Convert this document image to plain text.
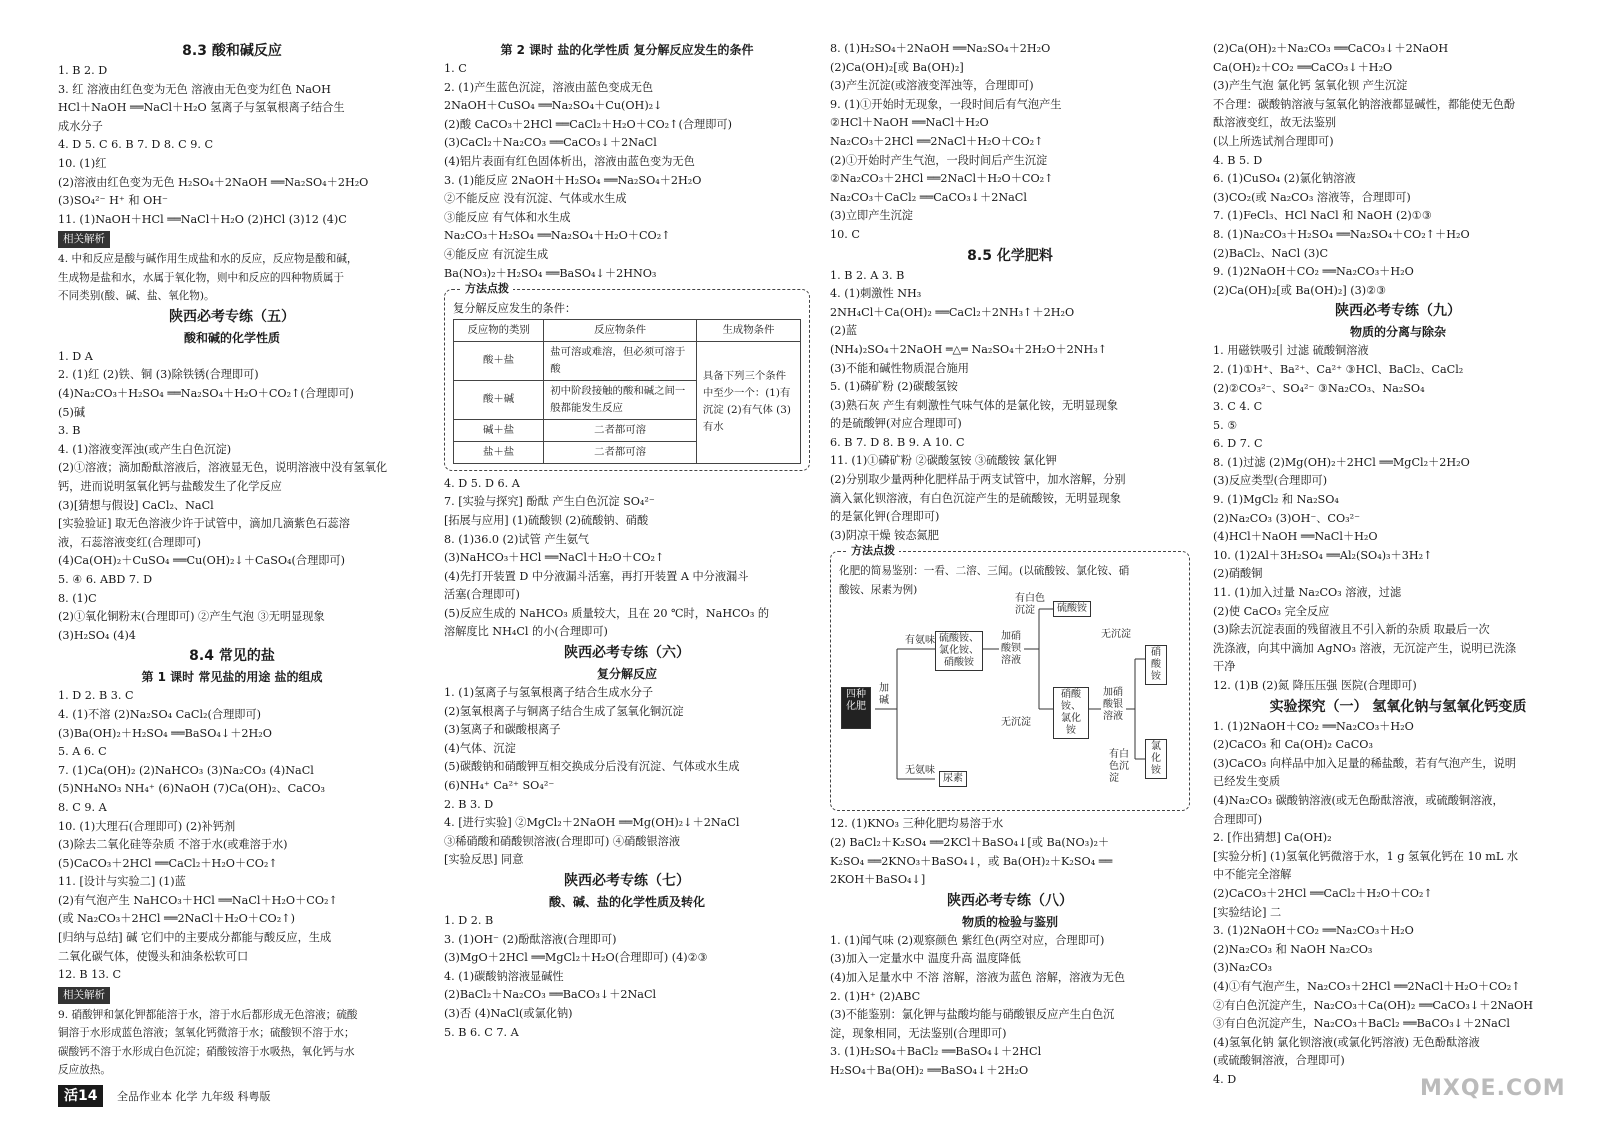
8.3 酸和碱反应
1. B 2. D
3. 红 溶液由红色变为无色 溶液由无色变为红色 NaOH
HCl＋NaOH ══NaCl＋H₂O 氢离子与氢氧根离子结合生
成水分子
4. D 5. C 6. B 7. D 8. C 9. C
10. (1)红
(2)溶液由红色变为无色 H₂SO₄＋2NaOH ══Na₂SO₄＋2H₂O
(3)SO₄²⁻ H⁺ 和 OH⁻
11. (1)NaOH＋HCl ══NaCl＋H₂O (2)HCl (3)12 (4)C
相关解析
4. 中和反应是酸与碱作用生成盐和水的反应，反应物是酸和碱，
生成物是盐和水，水属于氧化物，则中和反应的四种物质属于
不同类别(酸、碱、盐、氧化物)。
陕西必考专练（五）
酸和碱的化学性质
1. D A
2. (1)红 (2)铁、铜 (3)除铁锈(合理即可)
(4)Na₂CO₃＋H₂SO₄ ══Na₂SO₄＋H₂O＋CO₂↑(合理即可)
(5)碱
3. B
4. (1)溶液变浑浊(或产生白色沉淀)
(2)①溶液；滴加酚酞溶液后，溶液显无色，说明溶液中没有氢氧化
钙，进而说明氢氧化钙与盐酸发生了化学反应
(3)[猜想与假设] CaCl₂、NaCl
[实验验证] 取无色溶液少许于试管中，滴加几滴紫色石蕊溶
液，石蕊溶液变红(合理即可)
(4)Ca(OH)₂＋CuSO₄ ══Cu(OH)₂↓＋CaSO₄(合理即可)
5. ④ 6. ABD 7. D
8. (1)C
(2)①氧化铜粉末(合理即可) ②产生气泡 ③无明显现象
(3)H₂SO₄ (4)4
8.4 常见的盐
第 1 课时 常见盐的用途 盐的组成
1. D 2. B 3. C
4. (1)不溶 (2)Na₂SO₄ CaCl₂(合理即可)
(3)Ba(OH)₂＋H₂SO₄ ══BaSO₄↓＋2H₂O
5. A 6. C
7. (1)Ca(OH)₂ (2)NaHCO₃ (3)Na₂CO₃ (4)NaCl
(5)NH₄NO₃ NH₄⁺ (6)NaOH (7)Ca(OH)₂、CaCO₃
8. C 9. A
10. (1)大理石(合理即可) (2)补钙剂
(3)除去二氧化硅等杂质 不溶于水(或难溶于水)
(5)CaCO₃＋2HCl ══CaCl₂＋H₂O＋CO₂↑
11. [设计与实验二] (1)蓝
(2)有气泡产生 NaHCO₃＋HCl ══NaCl＋H₂O＋CO₂↑
(或 Na₂CO₃＋2HCl ══2NaCl＋H₂O＋CO₂↑)
[归纳与总结] 碱 它们中的主要成分都能与酸反应，生成
二氧化碳气体，使馒头和油条松软可口
12. B 13. C
相关解析
9. 硝酸钾和氯化钾都能溶于水，溶于水后都形成无色溶液；硫酸
铜溶于水形成蓝色溶液；氢氧化钙微溶于水；硫酸钡不溶于水；
碳酸钙不溶于水形成白色沉淀；硝酸铵溶于水吸热，氧化钙与水
反应放热。
第 2 课时 盐的化学性质 复分解反应发生的条件
1. C
2. (1)产生蓝色沉淀，溶液由蓝色变成无色
2NaOH＋CuSO₄ ══Na₂SO₄＋Cu(OH)₂↓
(2)酸 CaCO₃＋2HCl ══CaCl₂＋H₂O＋CO₂↑(合理即可)
(3)CaCl₂＋Na₂CO₃ ══CaCO₃↓＋2NaCl
(4)铝片表面有红色固体析出，溶液由蓝色变为无色
3. (1)能反应 2NaOH＋H₂SO₄ ══Na₂SO₄＋2H₂O
②不能反应 没有沉淀、气体或水生成
③能反应 有气体和水生成
Na₂CO₃＋H₂SO₄ ══Na₂SO₄＋H₂O＋CO₂↑
④能反应 有沉淀生成
Ba(NO₃)₂＋H₂SO₄ ══BaSO₄↓＋2HNO₃
方法点拨
复分解反应发生的条件：
反应物的类别	反应物条件	生成物条件
酸＋盐	盐可溶或难溶，但必须可溶于酸	具备下列三个条件中至少一个：(1)有沉淀 (2)有气体 (3)有水
酸＋碱	初中阶段接触的酸和碱之间一般都能发生反应	
碱＋盐	二者都可溶	
盐＋盐	二者都可溶	
4. D 5. D 6. A
7. [实验与探究] 酚酞 产生白色沉淀 SO₄²⁻
[拓展与应用] (1)硫酸钡 (2)硫酸钠、硝酸
8. (1)36.0 (2)试管 产生氨气
(3)NaHCO₃＋HCl ══NaCl＋H₂O＋CO₂↑
(4)先打开装置 D 中分液漏斗活塞，再打开装置 A 中分液漏斗
活塞(合理即可)
(5)反应生成的 NaHCO₃ 质量较大，且在 20 ℃时，NaHCO₃ 的
溶解度比 NH₄Cl 的小(合理即可)
陕西必考专练（六）
复分解反应
1. (1)氢离子与氢氧根离子结合生成水分子
(2)氢氧根离子与铜离子结合生成了氢氧化铜沉淀
(3)氢离子和碳酸根离子
(4)气体、沉淀
(5)碳酸钠和硝酸钾互相交换成分后没有沉淀、气体或水生成
(6)NH₄⁺ Ca²⁺ SO₄²⁻
2. B 3. D
4. [进行实验] ②MgCl₂＋2NaOH ══Mg(OH)₂↓＋2NaCl
③稀硝酸和硝酸钡溶液(合理即可) ④硝酸银溶液
[实验反思] 同意
陕西必考专练（七）
酸、碱、盐的化学性质及转化
1. D 2. B
3. (1)OH⁻ (2)酚酞溶液(合理即可)
(3)MgO＋2HCl ══MgCl₂＋H₂O(合理即可) (4)②③
4. (1)碳酸钠溶液显碱性
(2)BaCl₂＋Na₂CO₃ ══BaCO₃↓＋2NaCl
(3)否 (4)NaCl(或氯化钠)
5. B 6. C 7. A
8. (1)H₂SO₄＋2NaOH ══Na₂SO₄＋2H₂O
(2)Ca(OH)₂[或 Ba(OH)₂]
(3)产生沉淀(或溶液变浑浊等，合理即可)
9. (1)①开始时无现象，一段时间后有气泡产生
②HCl＋NaOH ══NaCl＋H₂O
Na₂CO₃＋2HCl ══2NaCl＋H₂O＋CO₂↑
(2)①开始时产生气泡，一段时间后产生沉淀
②Na₂CO₃＋2HCl ══2NaCl＋H₂O＋CO₂↑
Na₂CO₃＋CaCl₂ ══CaCO₃↓＋2NaCl
(3)立即产生沉淀
10. C
8.5 化学肥料
1. B 2. A 3. B
4. (1)刺激性 NH₃
2NH₄Cl＋Ca(OH)₂ ══CaCl₂＋2NH₃↑＋2H₂O
(2)蓝
(NH₄)₂SO₄＋2NaOH ═△═ Na₂SO₄＋2H₂O＋2NH₃↑
(3)不能和碱性物质混合施用
5. (1)磷矿粉 (2)碳酸氢铵
(3)熟石灰 产生有刺激性气味气体的是氯化铵，无明显现象
的是硫酸钾(对应合理即可)
6. B 7. D 8. B 9. A 10. C
11. (1)①磷矿粉 ②碳酸氢铵 ③硫酸铵 氯化钾
(2)分别取少量两种化肥样品于两支试管中，加水溶解，分别
滴入氯化钡溶液，有白色沉淀产生的是硫酸铵，无明显现象
的是氯化钾(合理即可)
(3)阴凉干燥 铵态氮肥
方法点拨
化肥的简易鉴别：一看、二溶、三闻。(以硫酸铵、氯化铵、硝
酸铵、尿素为例)
四种化肥
加碱
有氨味
无氨味
尿素
硫酸铵、氯化铵、硝酸铵
加硝酸钡溶液
有白色沉淀	硫酸铵
无沉淀
硝酸铵、氯化铵
加硝酸银溶液
无沉淀
硝酸铵
有白色沉淀
氯化铵
12. (1)KNO₃ 三种化肥均易溶于水
(2) BaCl₂＋K₂SO₄ ══2KCl＋BaSO₄↓[或 Ba(NO₃)₂＋
K₂SO₄ ══2KNO₃＋BaSO₄↓，或 Ba(OH)₂＋K₂SO₄ ══
2KOH＋BaSO₄↓]
陕西必考专练（八）
物质的检验与鉴别
1. (1)闻气味 (2)观察颜色 紫红色(两空对应，合理即可)
(3)加入一定量水中 温度升高 温度降低
(4)加入足量水中 不溶 溶解，溶液为蓝色 溶解，溶液为无色
2. (1)H⁺ (2)ABC
(3)不能鉴别：氯化钾与盐酸均能与硝酸银反应产生白色沉
淀，现象相同，无法鉴别(合理即可)
3. (1)H₂SO₄＋BaCl₂ ══BaSO₄↓＋2HCl
H₂SO₄＋Ba(OH)₂ ══BaSO₄↓＋2H₂O
(2)Ca(OH)₂＋Na₂CO₃ ══CaCO₃↓＋2NaOH
Ca(OH)₂＋CO₂ ══CaCO₃↓＋H₂O
(3)产生气泡 氯化钙 氢氧化钡 产生沉淀
不合理：碳酸钠溶液与氢氧化钠溶液都显碱性，都能使无色酚
酞溶液变红，故无法鉴别
(以上所选试剂合理即可)
4. B 5. D
6. (1)CuSO₄ (2)氯化钠溶液
(3)CO₂(或 Na₂CO₃ 溶液等，合理即可)
7. (1)FeCl₃、HCl NaCl 和 NaOH (2)①③
8. (1)Na₂CO₃＋H₂SO₄ ══Na₂SO₄＋CO₂↑＋H₂O
(2)BaCl₂、NaCl (3)C
9. (1)2NaOH＋CO₂ ══Na₂CO₃＋H₂O
(2)Ca(OH)₂[或 Ba(OH)₂] (3)②③
陕西必考专练（九）
物质的分离与除杂
1. 用磁铁吸引 过滤 硫酸铜溶液
2. (1)①H⁺、Ba²⁺、Ca²⁺ ③HCl、BaCl₂、CaCl₂
(2)②CO₃²⁻、SO₄²⁻ ③Na₂CO₃、Na₂SO₄
3. C 4. C
5. ⑤
6. D 7. C
8. (1)过滤 (2)Mg(OH)₂＋2HCl ══MgCl₂＋2H₂O
(3)反应类型(合理即可)
9. (1)MgCl₂ 和 Na₂SO₄
(2)Na₂CO₃ (3)OH⁻、CO₃²⁻
(4)HCl＋NaOH ══NaCl＋H₂O
10. (1)2Al＋3H₂SO₄ ══Al₂(SO₄)₃＋3H₂↑
(2)硝酸铜
11. (1)加入过量 Na₂CO₃ 溶液，过滤
(2)使 CaCO₃ 完全反应
(3)除去沉淀表面的残留液且不引入新的杂质 取最后一次
洗涤液，向其中滴加 AgNO₃ 溶液，无沉淀产生，说明已洗涤
干净
12. (1)B (2)氮 降压压强 医院(合理即可)
实验探究（一） 氢氧化钠与氢氧化钙变质
1. (1)2NaOH＋CO₂ ══Na₂CO₃＋H₂O
(2)CaCO₃ 和 Ca(OH)₂ CaCO₃
(3)CaCO₃ 向样品中加入足量的稀盐酸，若有气泡产生，说明
已经发生变质
(4)Na₂CO₃ 碳酸钠溶液(或无色酚酞溶液，或硫酸铜溶液，
合理即可)
2. [作出猜想] Ca(OH)₂
[实验分析] (1)氢氧化钙微溶于水，1 g 氢氧化钙在 10 mL 水
中不能完全溶解
(2)CaCO₃＋2HCl ══CaCl₂＋H₂O＋CO₂↑
[实验结论] 二
3. (1)2NaOH＋CO₂ ══Na₂CO₃＋H₂O
(2)Na₂CO₃ 和 NaOH Na₂CO₃
(3)Na₂CO₃
(4)①有气泡产生，Na₂CO₃＋2HCl ══2NaCl＋H₂O＋CO₂↑
②有白色沉淀产生，Na₂CO₃＋Ca(OH)₂ ══CaCO₃↓＋2NaOH
③有白色沉淀产生，Na₂CO₃＋BaCl₂ ══BaCO₃↓＋2NaCl
(4)氢氧化钠 氯化钡溶液(或氯化钙溶液) 无色酚酞溶液
(或硫酸铜溶液，合理即可)
4. D
活14 全品作业本 化学 九年级 科粤版	MXQE.COM
